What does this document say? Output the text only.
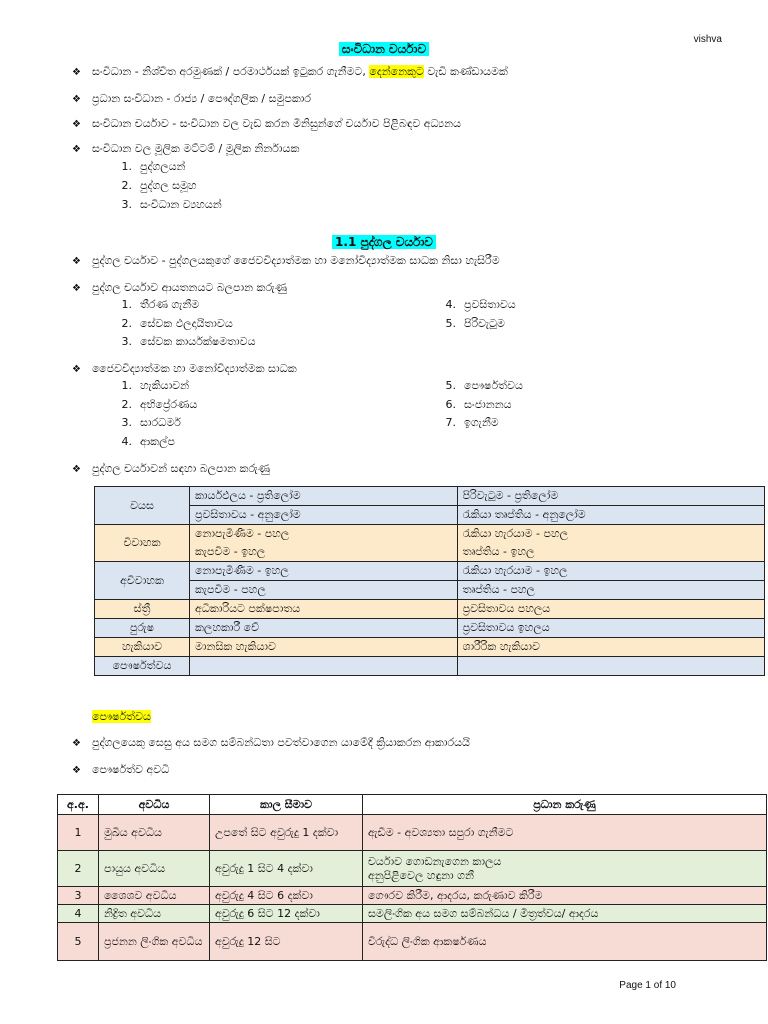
vishva
සංවිධාන චර්යාව
❖ සංවිධාන - නිශ්චිත අරමුණක් / පරමාර්ථයක් ඉටුකර ගැනීමට, දෙන්නෙකුට වැඩි කණ්ඩායමක්
❖ ප්‍රධාන සංවිධාන - රාජ්‍ය / පෞද්ගලික / සමුපකාර
❖ සංවිධාන චර්යාව - සංවිධාන වල වැඩ කරන මිනිසුන්ගේ චර්යාව පිළිබඳව අධ්‍යනය
❖ සංවිධාන වල මූලික මට්ටම් / මූලික නිර්නායක
1. පුද්ගලයන්
2. පුද්ගල සමූහ
3. සංවිධාන ව්‍යහයන්
1.1 පුද්ගල චර්යාව
❖ පුද්ගල චර්යාව - පුද්ගලයකුගේ ජෛවවිද්‍යාත්මක හා මනෝවිද්‍යාත්මක සාධක නිසා හැසිරීම
❖ පුද්ගල චර්යාව ආයතනයට බලපාන කරුණු
1. තීරණ ගැනීම
2. සේවක ඵලදායිතාවය
3. සේවක කාර්යක්ෂමතාවය
4. ප්‍රවසිතාවය
5. පිරිවැටුම
❖ ජෛවවිද්‍යාත්මක හා මනෝවිද්‍යාත්මක සාධක
1. හැකියාවන්
2. අභිප්‍රේරණය
3. සාරධර්ම
4. ආකල්ප
5. පෞර්ෂත්වය
6. සංජානනය
7. ඉගැනීම
❖ පුද්ගල චර්යාවන් සඳහා බලපාන කරුණු
වයස	කාර්යඵලය - ප්‍රතිලෝම	පිරිවැටුම - ප්‍රතිලෝම
	ප්‍රවසිතාවය - අනුලෝම	රැකියා තෘප්තිය - අනුලෝම
විවාහක	නොපැමිණීම - පහල	රැකියා හැරයාම - පහල
	කැපවීම - ඉහල	තෘප්තිය - ඉහල
අවිවාහක	නොපැමිණීම - ඉහල	රැකියා හැරයාම - ඉහල
	කැපවීම - පහල	තෘප්තිය - පහල
ස්ත්‍රී	අධිකාරියට පක්ෂපාතය	ප්‍රවසිතාවය පහලය
පුරුෂ	කලහකාරී වේ	ප්‍රවසිතාවය ඉහලය
හැකියාව	මානසික හැකියාව	ශාරීරික හැකියාව
පෞර්ෂත්වය		
පෞර්ෂත්වය
❖ පුද්ගලයෙකු සෙසු අය සමග සම්බන්ධතා පවත්වාගෙන යාමේදී ක්‍රියාකරන ආකාරයයි
❖ පෞර්ෂත්ව අවධි
අ.අ.	අවධිය	කාල සීමාව	ප්‍රධාන කරුණු
1	මුඛිය අවධිය	උපතේ සිට අවුරුදු 1 දක්වා	ඇඩීම - අවශ්‍යතා සපුරා ගැනීමට
2	පායුය අවධිය	අවුරුදු 1 සිට 4 දක්වා	චර්යාව ගොඩනැගෙන කාලය
අනුපිළිවෙල හඳුනා ගනී

3	ශෛශව අවධිය	අවුරුදු 4 සිට 6 දක්වා	ගෞරව කිරීම, ආදරය, කරුණාව කිරීම
4	නිද්‍රිත අවධිය	අවුරුදු 6 සිට 12 දක්වා	සමලිංගික අය සමග සම්බන්ධය / මිත්‍රත්වය/ ආදරය
5	ප්‍රජනන ලිංගික අවධිය	අවුරුදු 12 සිට	විරුද්ධ ලිංගික ආකර්ෂණය
Page 1 of 10
